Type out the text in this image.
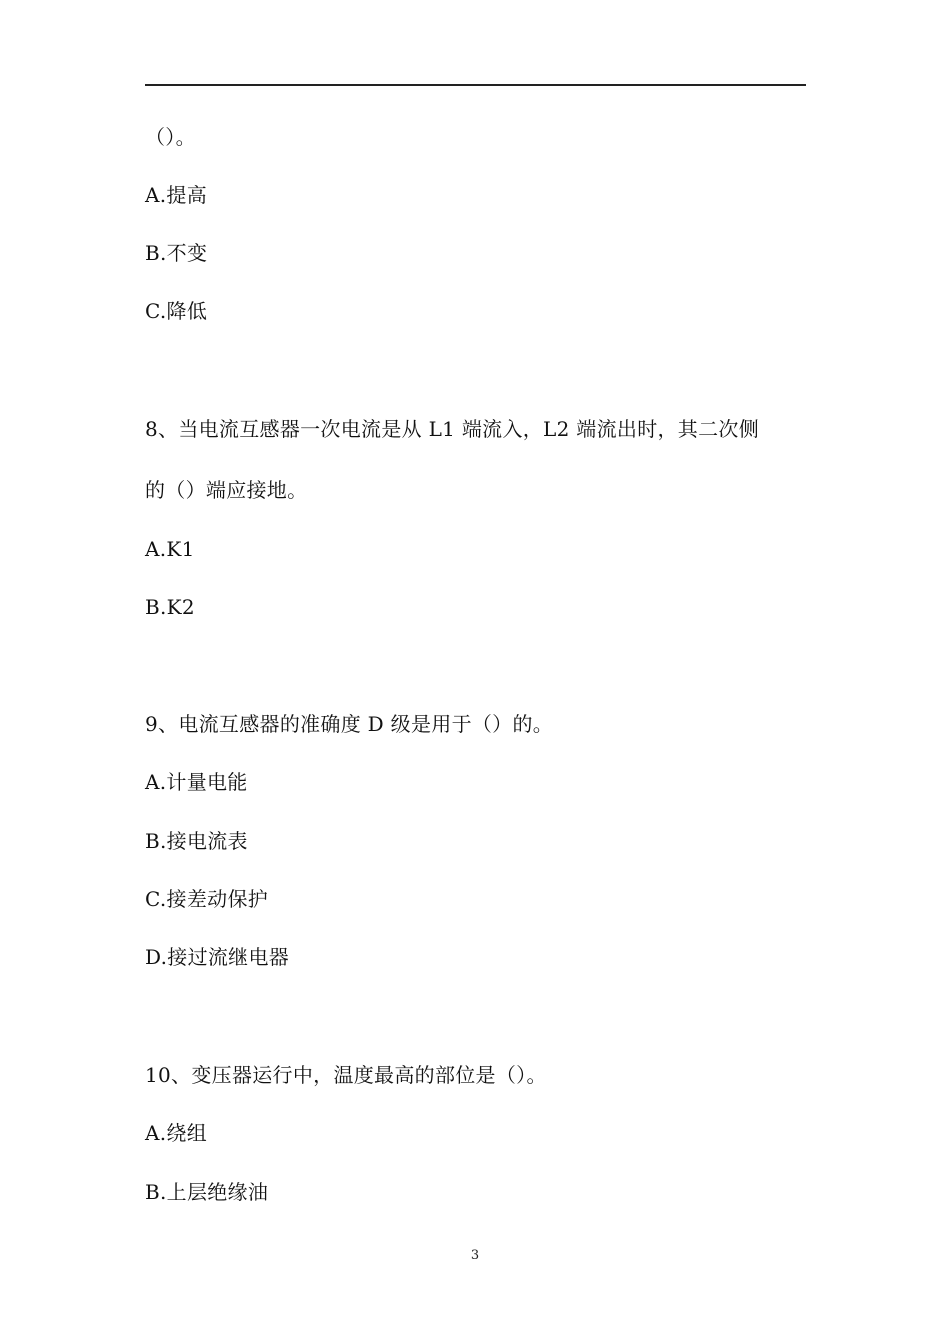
（）。
A.提高
B.不变
C.降低
8、当电流互感器一次电流是从 L1 端流入，L2 端流出时，其二次侧
的（）端应接地。
A.K1
B.K2
9、电流互感器的准确度 D 级是用于（）的。
A.计量电能
B.接电流表
C.接差动保护
D.接过流继电器
10、变压器运行中，温度最高的部位是（）。
A.绕组
B.上层绝缘油
3
